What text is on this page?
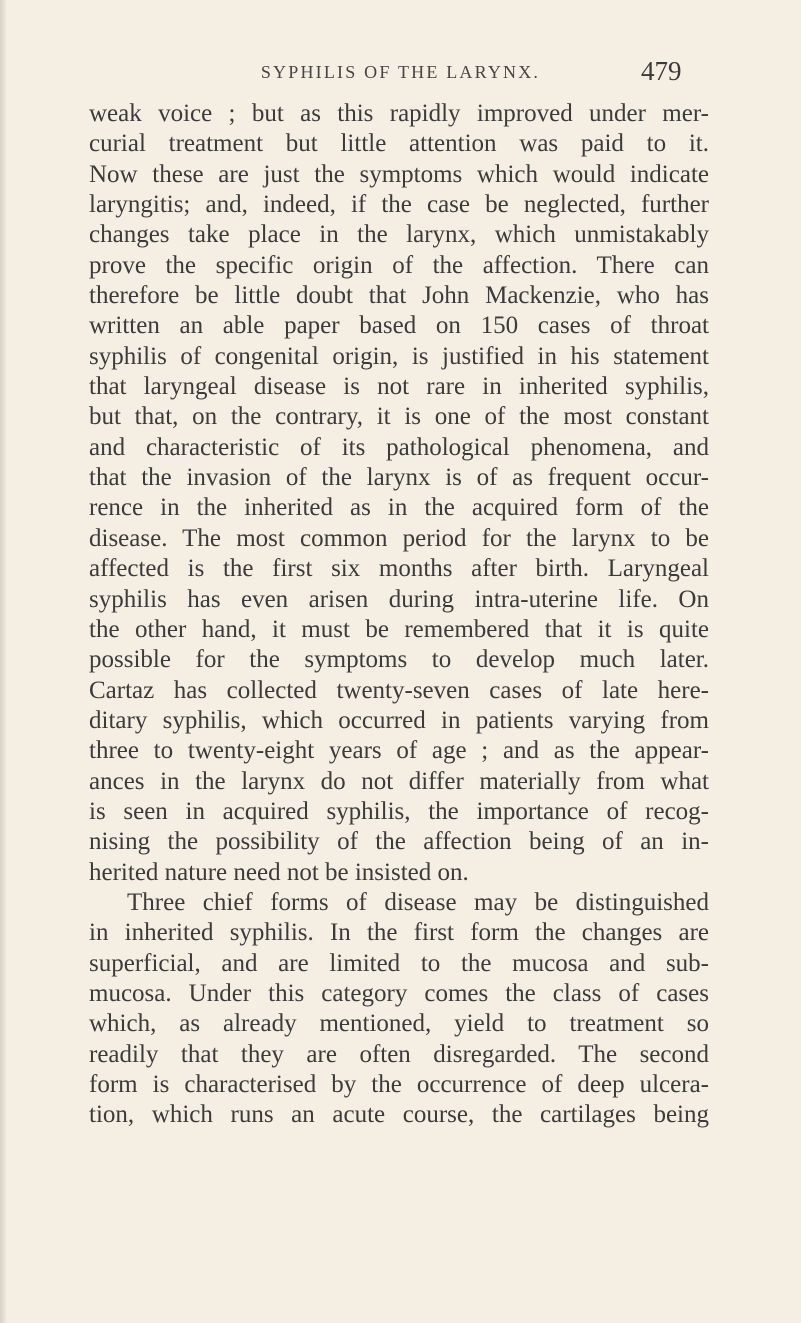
SYPHILIS OF THE LARYNX.	479
weak voice ; but as this rapidly improved under mer-
curial treatment but little attention was paid to it.
Now these are just the symptoms which would indicate
laryngitis; and, indeed, if the case be neglected, further
changes take place in the larynx, which unmistakably
prove the specific origin of the affection. There can
therefore be little doubt that John Mackenzie, who has
written an able paper based on 150 cases of throat
syphilis of congenital origin, is justified in his statement
that laryngeal disease is not rare in inherited syphilis,
but that, on the contrary, it is one of the most constant
and characteristic of its pathological phenomena, and
that the invasion of the larynx is of as frequent occur-
rence in the inherited as in the acquired form of the
disease. The most common period for the larynx to be
affected is the first six months after birth. Laryngeal
syphilis has even arisen during intra-uterine life. On
the other hand, it must be remembered that it is quite
possible for the symptoms to develop much later.
Cartaz has collected twenty-seven cases of late here-
ditary syphilis, which occurred in patients varying from
three to twenty-eight years of age ; and as the appear-
ances in the larynx do not differ materially from what
is seen in acquired syphilis, the importance of recog-
nising the possibility of the affection being of an in-
herited nature need not be insisted on.
Three chief forms of disease may be distinguished
in inherited syphilis. In the first form the changes are
superficial, and are limited to the mucosa and sub-
mucosa. Under this category comes the class of cases
which, as already mentioned, yield to treatment so
readily that they are often disregarded. The second
form is characterised by the occurrence of deep ulcera-
tion, which runs an acute course, the cartilages being
